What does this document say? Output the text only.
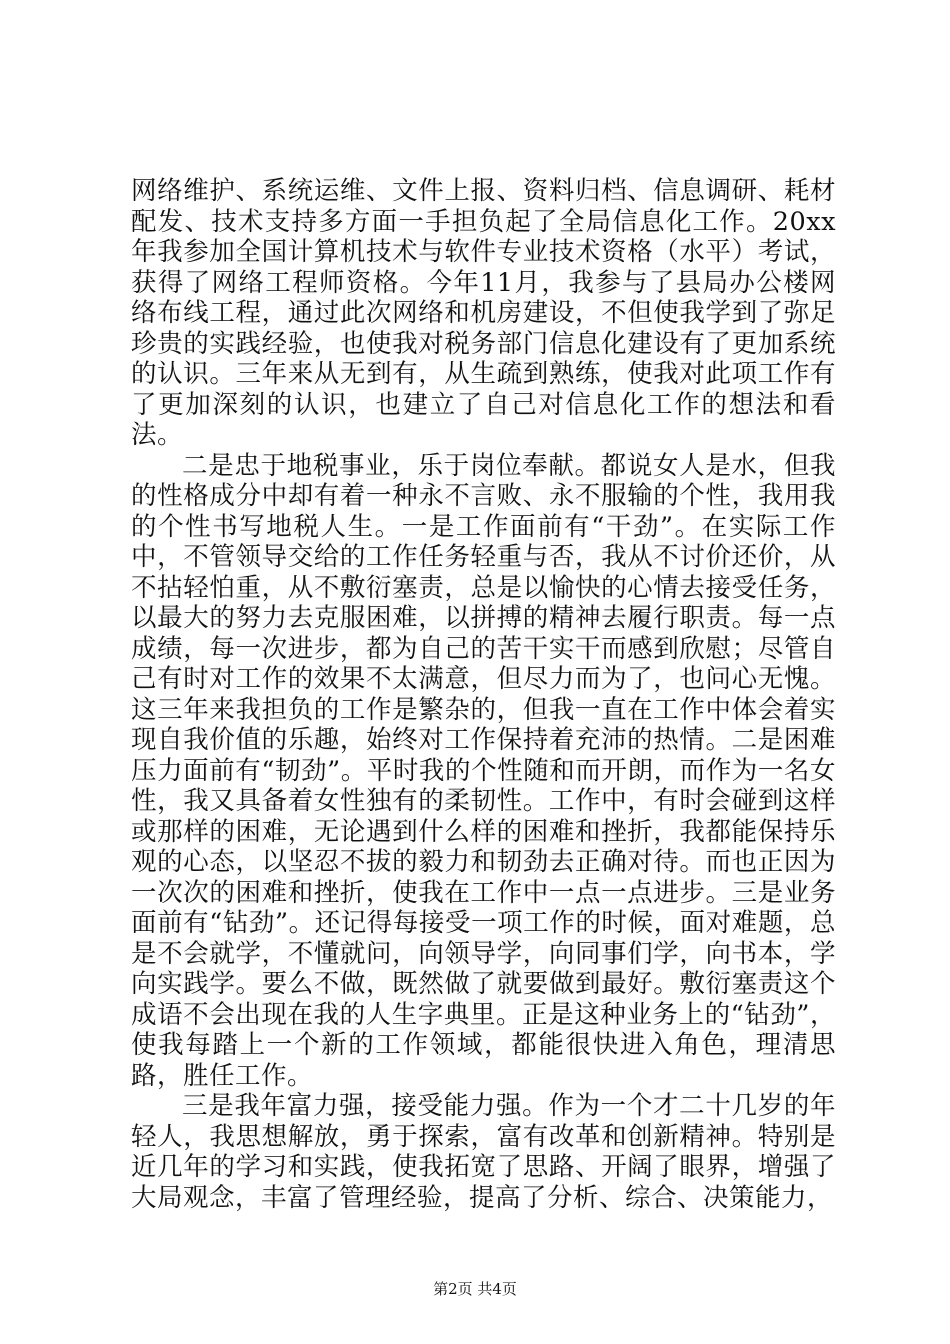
网络维护、系统运维、文件上报、资料归档、信息调研、耗材配发、技术支持多方面一手担负起了全局信息化工作。20xx年我参加全国计算机技术与软件专业技术资格（水平）考试，获得了网络工程师资格。今年11月，我参与了县局办公楼网络布线工程，通过此次网络和机房建设，不但使我学到了弥足珍贵的实践经验，也使我对税务部门信息化建设有了更加系统的认识。三年来从无到有，从生疏到熟练，使我对此项工作有了更加深刻的认识，也建立了自己对信息化工作的想法和看法。

二是忠于地税事业，乐于岗位奉献。都说女人是水，但我的性格成分中却有着一种永不言败、永不服输的个性，我用我的个性书写地税人生。一是工作面前有“干劲”。在实际工作中，不管领导交给的工作任务轻重与否，我从不讨价还价，从不拈轻怕重，从不敷衍塞责，总是以愉快的心情去接受任务，以最大的努力去克服困难，以拼搏的精神去履行职责。每一点成绩，每一次进步，都为自己的苦干实干而感到欣慰；尽管自己有时对工作的效果不太满意，但尽力而为了，也问心无愧。这三年来我担负的工作是繁杂的，但我一直在工作中体会着实现自我价值的乐趣，始终对工作保持着充沛的热情。二是困难压力面前有“韧劲”。平时我的个性随和而开朗，而作为一名女性，我又具备着女性独有的柔韧性。工作中，有时会碰到这样或那样的困难，无论遇到什么样的困难和挫折，我都能保持乐观的心态，以坚忍不拔的毅力和韧劲去正确对待。而也正因为一次次的困难和挫折，使我在工作中一点一点进步。三是业务面前有“钻劲”。还记得每接受一项工作的时候，面对难题，总是不会就学，不懂就问，向领导学，向同事们学，向书本，学向实践学。要么不做，既然做了就要做到最好。敷衍塞责这个成语不会出现在我的人生字典里。正是这种业务上的“钻劲”，使我每踏上一个新的工作领域，都能很快进入角色，理清思路，胜任工作。

三是我年富力强，接受能力强。作为一个才二十几岁的年轻人，我思想解放，勇于探索，富有改革和创新精神。特别是近几年的学习和实践，使我拓宽了思路、开阔了眼界，增强了大局观念，丰富了管理经验，提高了分析、综合、决策能力，

第2页 共4页
